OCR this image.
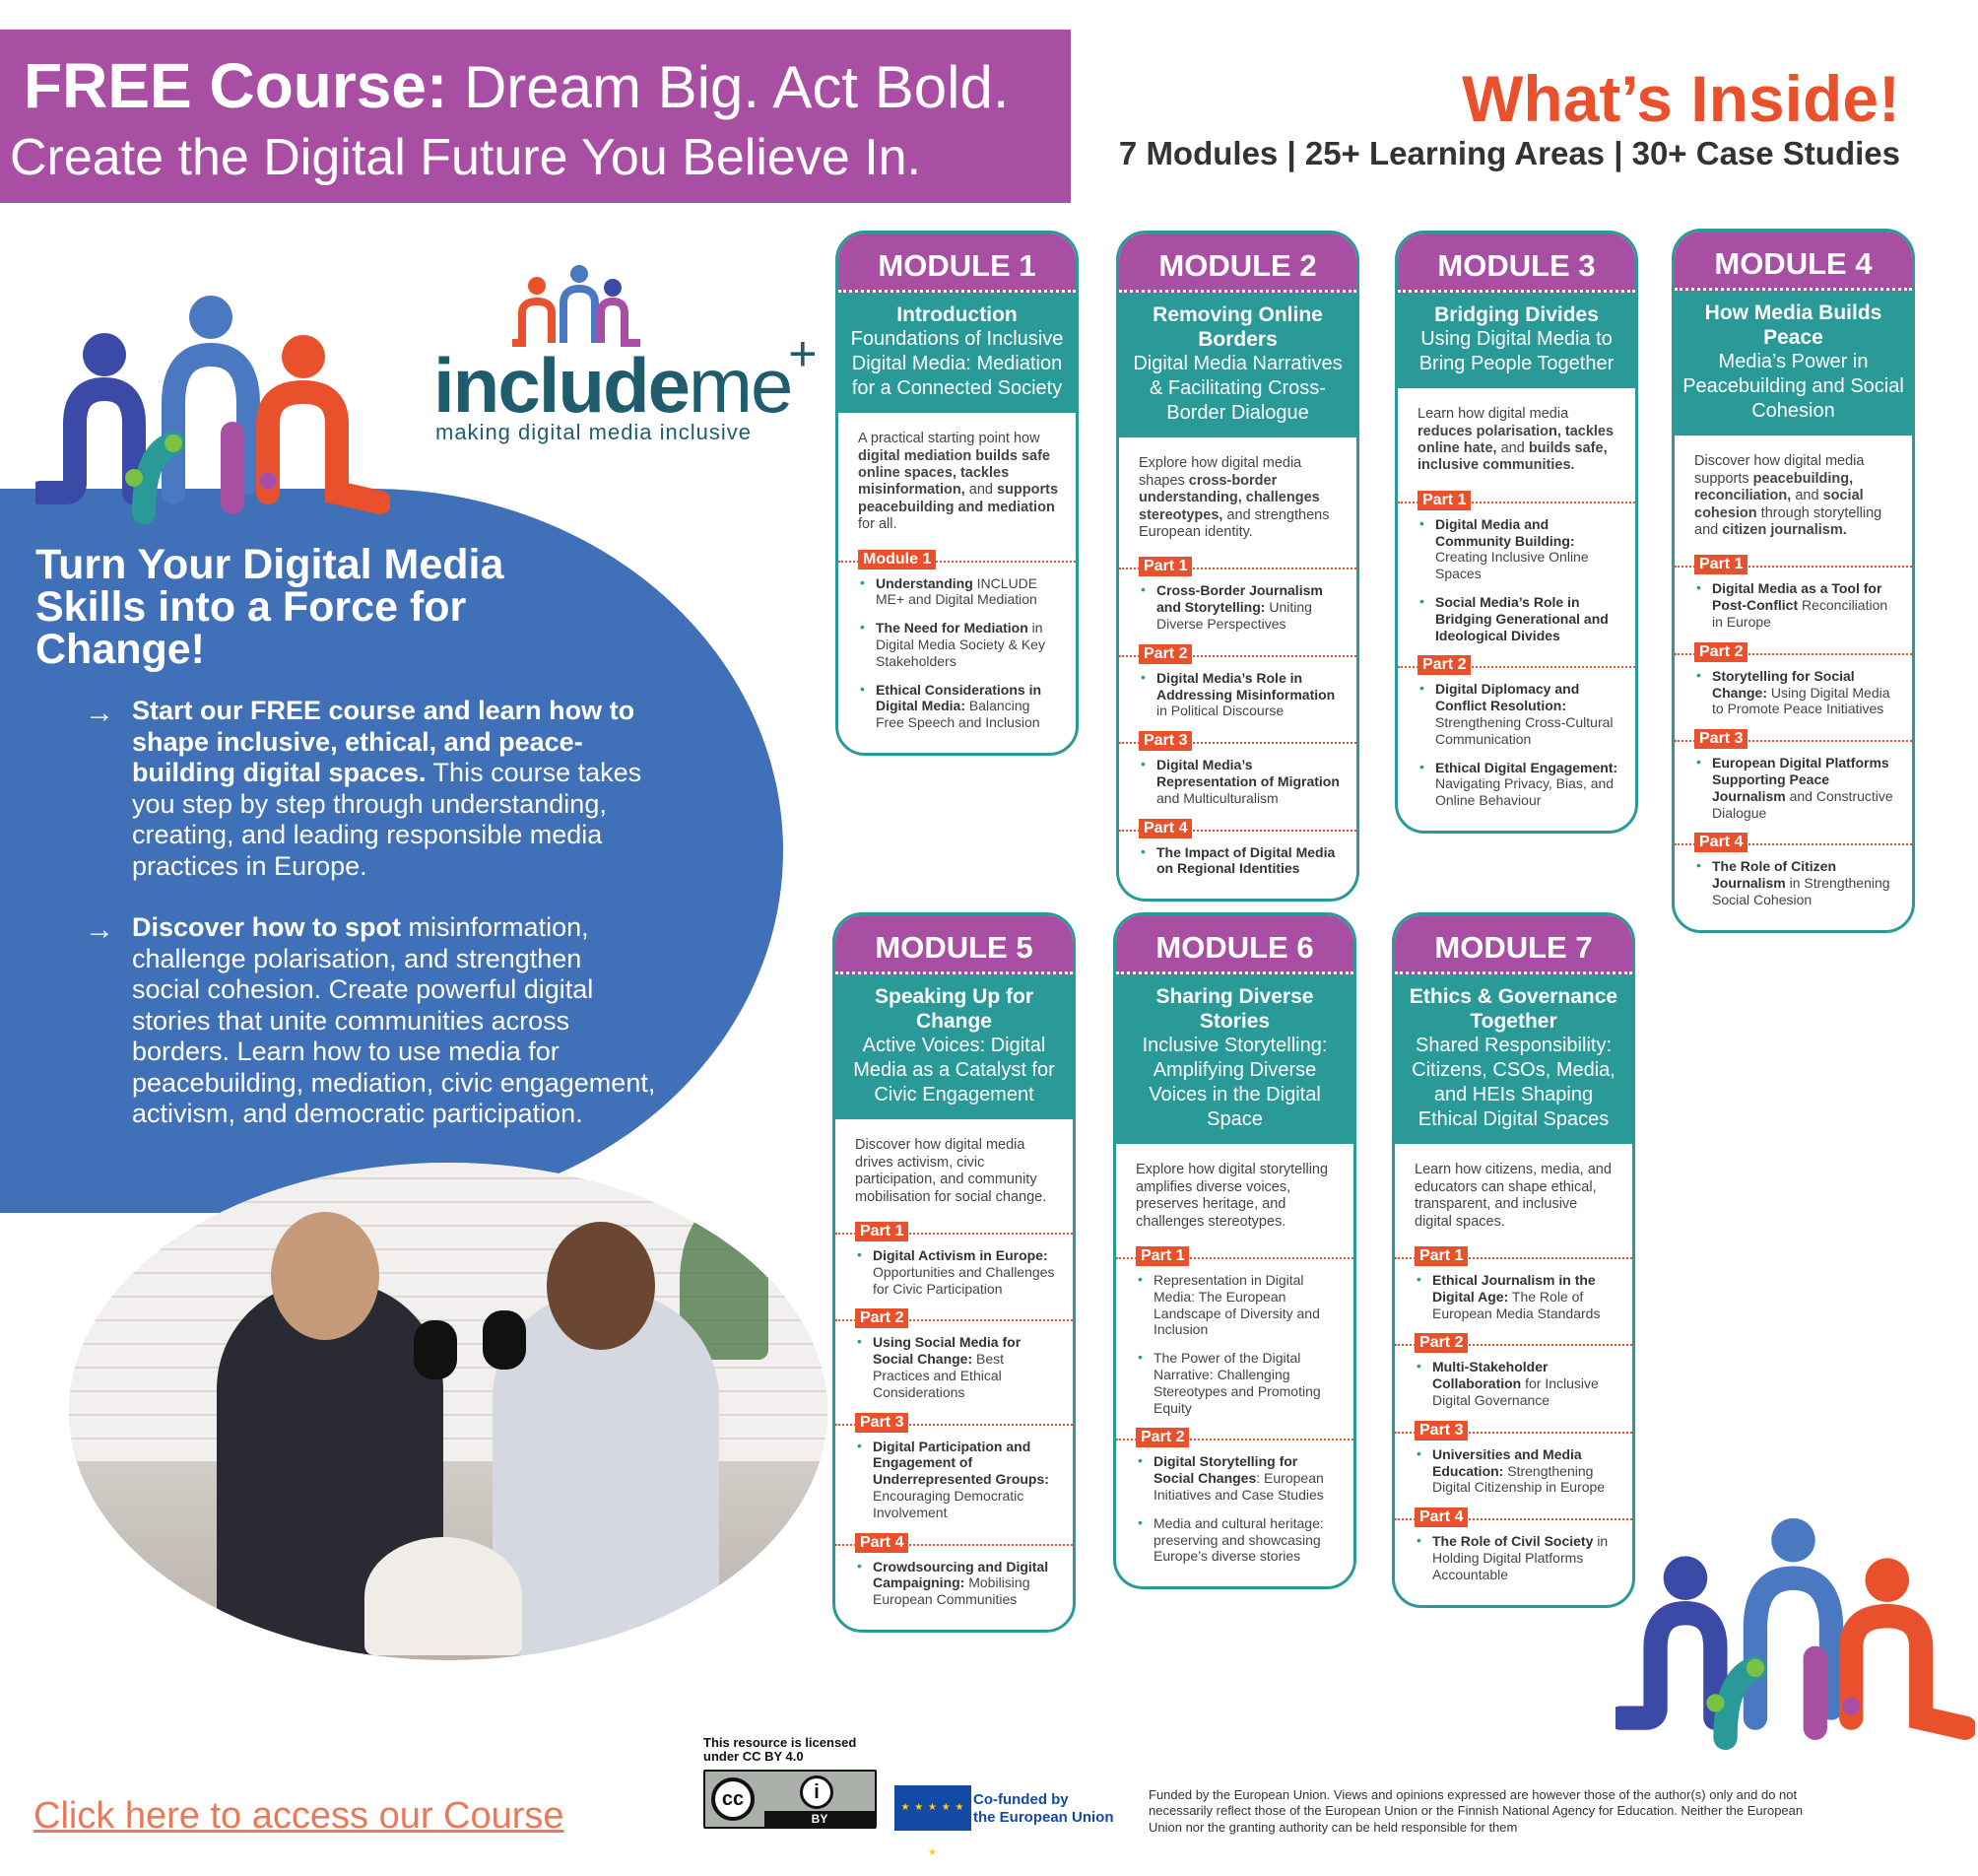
FREE Course: Dream Big. Act Bold.
Create the Digital Future You Believe In.
What’s Inside!
7 Modules | 25+ Learning Areas | 30+ Case Studies
includeme
+
making digital media inclusive
Turn Your Digital Media Skills into a Force for Change!
→ Start our FREE course and learn how to shape inclusive, ethical, and peace-building digital spaces. This course takes you step by step through understanding, creating, and leading responsible media practices in Europe.
→ Discover how to spot misinformation, challenge polarisation, and strengthen social cohesion. Create powerful digital stories that unite communities across borders. Learn how to use media for peacebuilding, mediation, civic engagement, activism, and democratic participation.
MODULE 1
Introduction
Foundations of Inclusive Digital Media: Mediation for a Connected Society
A practical starting point how digital mediation builds safe online spaces, tackles misinformation, and supports peacebuilding and mediation for all.
Module 1
• Understanding INCLUDE ME+ and Digital Mediation
• The Need for Mediation in Digital Media Society & Key Stakeholders
• Ethical Considerations in Digital Media: Balancing Free Speech and Inclusion
MODULE 2
Removing Online Borders
Digital Media Narratives & Facilitating Cross-Border Dialogue
Explore how digital media shapes cross-border understanding, challenges stereotypes, and strengthens European identity.
Part 1
• Cross-Border Journalism and Storytelling: Uniting Diverse Perspectives
Part 2
• Digital Media’s Role in Addressing Misinformation in Political Discourse
Part 3
• Digital Media’s Representation of Migration and Multiculturalism
Part 4
• The Impact of Digital Media on Regional Identities
MODULE 3
Bridging Divides
Using Digital Media to Bring People Together
Learn how digital media reduces polarisation, tackles online hate, and builds safe, inclusive communities.
Part 1
• Digital Media and Community Building: Creating Inclusive Online Spaces
• Social Media’s Role in Bridging Generational and Ideological Divides
Part 2
• Digital Diplomacy and Conflict Resolution: Strengthening Cross-Cultural Communication
• Ethical Digital Engagement: Navigating Privacy, Bias, and Online Behaviour
MODULE 4
How Media Builds Peace
Media’s Power in Peacebuilding and Social Cohesion
Discover how digital media supports peacebuilding, reconciliation, and social cohesion through storytelling and citizen journalism.
Part 1
• Digital Media as a Tool for Post-Conflict Reconciliation in Europe
Part 2
• Storytelling for Social Change: Using Digital Media to Promote Peace Initiatives
Part 3
• European Digital Platforms Supporting Peace Journalism and Constructive Dialogue
Part 4
• The Role of Citizen Journalism in Strengthening Social Cohesion
MODULE 5
Speaking Up for Change
Active Voices: Digital Media as a Catalyst for Civic Engagement
Discover how digital media drives activism, civic participation, and community mobilisation for social change.
Part 1
• Digital Activism in Europe: Opportunities and Challenges for Civic Participation
Part 2
• Using Social Media for Social Change: Best Practices and Ethical Considerations
Part 3
• Digital Participation and Engagement of Underrepresented Groups: Encouraging Democratic Involvement
Part 4
• Crowdsourcing and Digital Campaigning: Mobilising European Communities
MODULE 6
Sharing Diverse Stories
Inclusive Storytelling: Amplifying Diverse Voices in the Digital Space
Explore how digital storytelling amplifies diverse voices, preserves heritage, and challenges stereotypes.
Part 1
• Representation in Digital Media: The European Landscape of Diversity and Inclusion
• The Power of the Digital Narrative: Challenging Stereotypes and Promoting Equity
Part 2
• Digital Storytelling for Social Changes: European Initiatives and Case Studies
• Media and cultural heritage: preserving and showcasing Europe’s diverse stories
MODULE 7
Ethics & Governance Together
Shared Responsibility: Citizens, CSOs, Media, and HEIs Shaping Ethical Digital Spaces
Learn how citizens, media, and educators can shape ethical, transparent, and inclusive digital spaces.
Part 1
• Ethical Journalism in the Digital Age: The Role of European Media Standards
Part 2
• Multi-Stakeholder Collaboration for Inclusive Digital Governance
Part 3
• Universities and Media Education: Strengthening Digital Citizenship in Europe
Part 4
• The Role of Civil Society in Holding Digital Platforms Accountable
Click here to access our Course
This resource is licensed under CC BY 4.0
cc	i
BY
★ ★ ★ ★ ★ ★
Co-funded by
the European Union
Funded by the European Union. Views and opinions expressed are however those of the author(s) only and do not necessarily reflect those of the European Union or the Finnish National Agency for Education. Neither the European Union nor the granting authority can be held responsible for them
